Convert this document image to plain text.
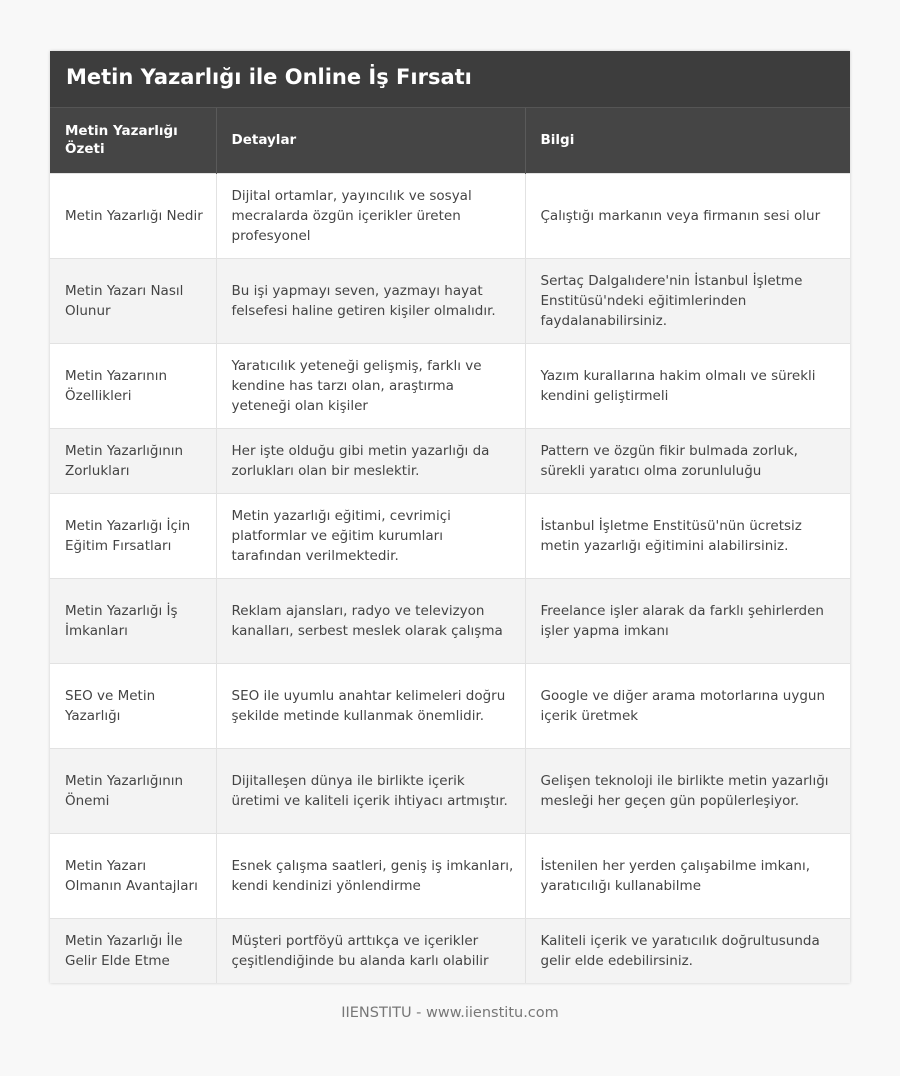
Metin Yazarlığı ile Online İş Fırsatı
Metin Yazarlığı Özeti	Detaylar	Bilgi
Metin Yazarlığı Nedir	Dijital ortamlar, yayıncılık ve sosyal mecralarda özgün içerikler üreten profesyonel	Çalıştığı markanın veya firmanın sesi olur
Metin Yazarı Nasıl Olunur	Bu işi yapmayı seven, yazmayı hayat felsefesi haline getiren kişiler olmalıdır.	Sertaç Dalgalıdere'nin İstanbul İşletme Enstitüsü'ndeki eğitimlerinden faydalanabilirsiniz.
Metin Yazarının Özellikleri	Yaratıcılık yeteneği gelişmiş, farklı ve kendine has tarzı olan, araştırma yeteneği olan kişiler	Yazım kurallarına hakim olmalı ve sürekli kendini geliştirmeli
Metin Yazarlığının Zorlukları	Her işte olduğu gibi metin yazarlığı da zorlukları olan bir meslektir.	Pattern ve özgün fikir bulmada zorluk, sürekli yaratıcı olma zorunluluğu
Metin Yazarlığı İçin Eğitim Fırsatları	Metin yazarlığı eğitimi, cevrimiçi platformlar ve eğitim kurumları tarafından verilmektedir.	İstanbul İşletme Enstitüsü'nün ücretsiz metin yazarlığı eğitimini alabilirsiniz.
Metin Yazarlığı İş İmkanları	Reklam ajansları, radyo ve televizyon kanalları, serbest meslek olarak çalışma	Freelance işler alarak da farklı şehirlerden işler yapma imkanı
SEO ve Metin Yazarlığı	SEO ile uyumlu anahtar kelimeleri doğru şekilde metinde kullanmak önemlidir.	Google ve diğer arama motorlarına uygun içerik üretmek
Metin Yazarlığının Önemi	Dijitalleşen dünya ile birlikte içerik üretimi ve kaliteli içerik ihtiyacı artmıştır.	Gelişen teknoloji ile birlikte metin yazarlığı mesleği her geçen gün popülerleşiyor.
Metin Yazarı Olmanın Avantajları	Esnek çalışma saatleri, geniş iş imkanları, kendi kendinizi yönlendirme	İstenilen her yerden çalışabilme imkanı, yaratıcılığı kullanabilme
Metin Yazarlığı İle Gelir Elde Etme	Müşteri portföyü arttıkça ve içerikler çeşitlendiğinde bu alanda karlı olabilir	Kaliteli içerik ve yaratıcılık doğrultusunda gelir elde edebilirsiniz.
IIENSTITU - www.iienstitu.com
